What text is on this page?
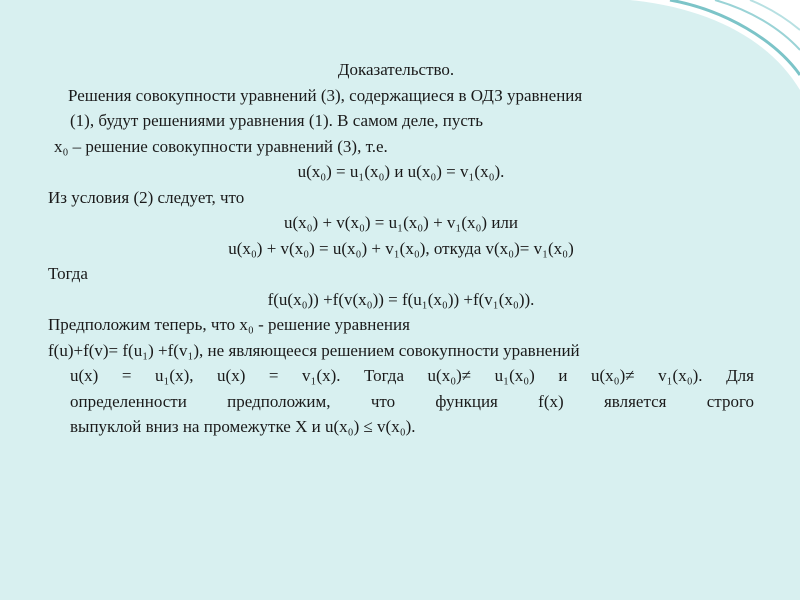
Доказательство.
Решения совокупности уравнений (3), содержащиеся в ОДЗ уравнения
(1), будут решениями уравнения (1). В самом деле, пусть
x₀ – решение совокупности уравнений (3), т.е.
u(x₀) = u₁(x₀) и u(x₀) = v₁(x₀).
Из условия (2) следует, что
u(x₀) + v(x₀) = u₁(x₀) + v₁(x₀) или
u(x₀) + v(x₀) = u(x₀) + v₁(x₀), откуда v(x₀)= v₁(x₀)
Тогда
f(u(x₀)) +f(v(x₀)) = f(u₁(x₀)) +f(v₁(x₀)).
Предположим теперь, что x₀ - решение уравнения
f(u)+f(v)= f(u₁) +f(v₁), не являющееся решением совокупности уравнений
u(x) = u₁(x), u(x) = v₁(x). Тогда u(x₀)≠ u₁(x₀) и u(x₀)≠ v₁(x₀). Для
определенности предположим, что функция f(x) является строго
выпуклой вниз на промежутке X и u(x₀) ≤ v(x₀).
